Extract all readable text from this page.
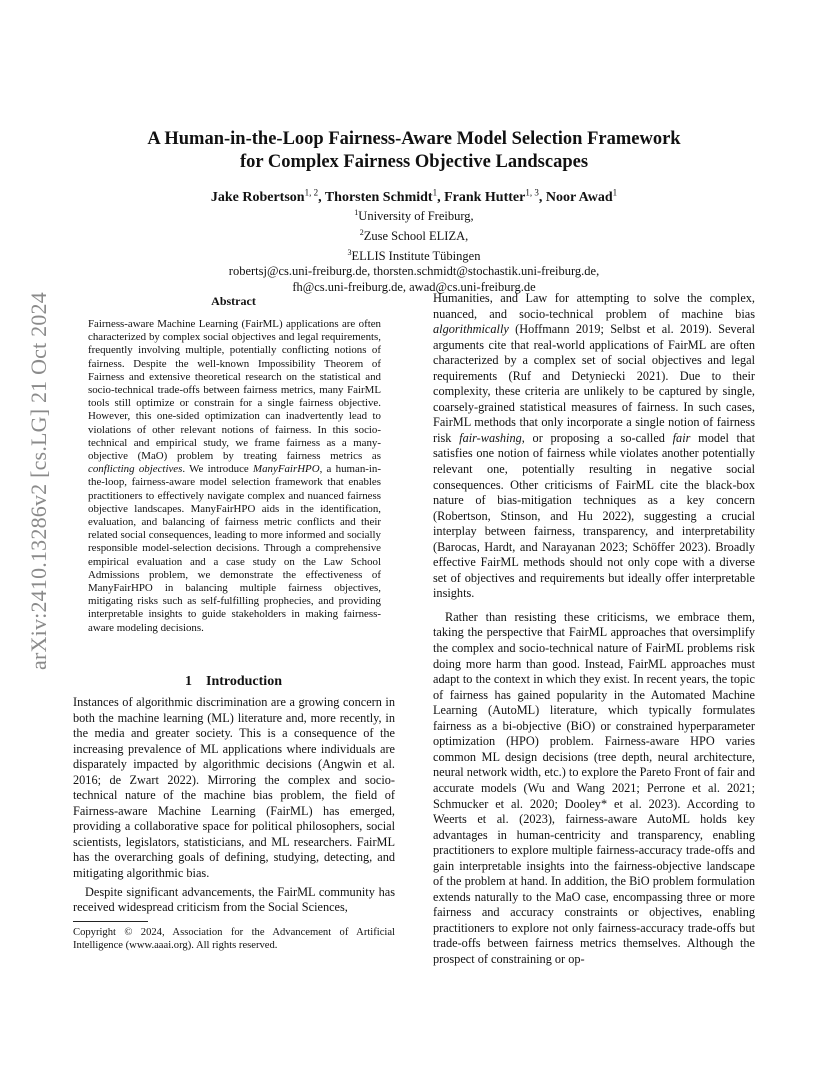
arXiv:2410.13286v2 [cs.LG] 21 Oct 2024
A Human-in-the-Loop Fairness-Aware Model Selection Framework
for Complex Fairness Objective Landscapes
Jake Robertson$^{1, 2}$, Thorsten Schmidt$^1$, Frank Hutter$^{1, 3}$, Noor Awad$^1$
$^1$University of Freiburg,
$^2$Zuse School ELIZA,
$^3$ELLIS Institute Tübingen
robertsj@cs.uni-freiburg.de, thorsten.schmidt@stochastik.uni-freiburg.de,
fh@cs.uni-freiburg.de, awad@cs.uni-freiburg.de
Abstract

Fairness-aware Machine Learning (FairML) applications are often characterized by complex social objectives and legal requirements, frequently involving multiple, potentially conflicting notions of fairness. Despite the well-known Impossibility Theorem of Fairness and extensive theoretical research on the statistical and socio-technical trade-offs between fairness metrics, many FairML tools still optimize or constrain for a single fairness objective. However, this one-sided optimization can inadvertently lead to violations of other relevant notions of fairness. In this socio-technical and empirical study, we frame fairness as a many-objective (MaO) problem by treating fairness metrics as conflicting objectives. We introduce ManyFairHPO, a human-in-the-loop, fairness-aware model selection framework that enables practitioners to effectively navigate complex and nuanced fairness objective landscapes. ManyFairHPO aids in the identification, evaluation, and balancing of fairness metric conflicts and their related social consequences, leading to more informed and socially responsible model-selection decisions. Through a comprehensive empirical evaluation and a case study on the Law School Admissions problem, we demonstrate the effectiveness of ManyFairHPO in balancing multiple fairness objectives, mitigating risks such as self-fulfilling prophecies, and providing interpretable insights to guide stakeholders in making fairness-aware modeling decisions.

1 Introduction

Instances of algorithmic discrimination are a growing concern in both the machine learning (ML) literature and, more recently, in the media and greater society. This is a consequence of the increasing prevalence of ML applications where individuals are disparately impacted by algorithmic decisions (Angwin et al. 2016; de Zwart 2022). Mirroring the complex and socio-technical nature of the machine bias problem, the field of Fairness-aware Machine Learning (FairML) has emerged, providing a collaborative space for political philosophers, social scientists, legislators, statisticians, and ML researchers. FairML has the overarching goals of defining, studying, detecting, and mitigating algorithmic bias.

Despite significant advancements, the FairML community has received widespread criticism from the Social Sciences,

Copyright © 2024, Association for the Advancement of Artificial Intelligence (www.aaai.org). All rights reserved.

Humanities, and Law for attempting to solve the complex, nuanced, and socio-technical problem of machine bias algorithmically (Hoffmann 2019; Selbst et al. 2019). Several arguments cite that real-world applications of FairML are often characterized by a complex set of social objectives and legal requirements (Ruf and Detyniecki 2021). Due to their complexity, these criteria are unlikely to be captured by single, coarsely-grained statistical measures of fairness. In such cases, FairML methods that only incorporate a single notion of fairness risk fair-washing, or proposing a so-called fair model that satisfies one notion of fairness while violates another potentially relevant one, potentially resulting in negative social consequences. Other criticisms of FairML cite the black-box nature of bias-mitigation techniques as a key concern (Robertson, Stinson, and Hu 2022), suggesting a crucial interplay between fairness, transparency, and interpretability (Barocas, Hardt, and Narayanan 2023; Schöffer 2023). Broadly effective FairML methods should not only cope with a diverse set of objectives and requirements but ideally offer interpretable insights.

Rather than resisting these criticisms, we embrace them, taking the perspective that FairML approaches that oversimplify the complex and socio-technical nature of FairML problems risk doing more harm than good. Instead, FairML approaches must adapt to the context in which they exist. In recent years, the topic of fairness has gained popularity in the Automated Machine Learning (AutoML) literature, which typically formulates fairness as a bi-objective (BiO) or constrained hyperparameter optimization (HPO) problem. Fairness-aware HPO varies common ML design decisions (tree depth, neural architecture, neural network width, etc.) to explore the Pareto Front of fair and accurate models (Wu and Wang 2021; Perrone et al. 2021; Schmucker et al. 2020; Dooley* et al. 2023). According to Weerts et al. (2023), fairness-aware AutoML holds key advantages in human-centricity and transparency, enabling practitioners to explore multiple fairness-accuracy trade-offs and gain interpretable insights into the fairness-objective landscape of the problem at hand. In addition, the BiO problem formulation extends naturally to the MaO case, encompassing three or more fairness and accuracy constraints or objectives, enabling practitioners to explore not only fairness-accuracy trade-offs but trade-offs between fairness metrics themselves. Although the prospect of constraining or op-
